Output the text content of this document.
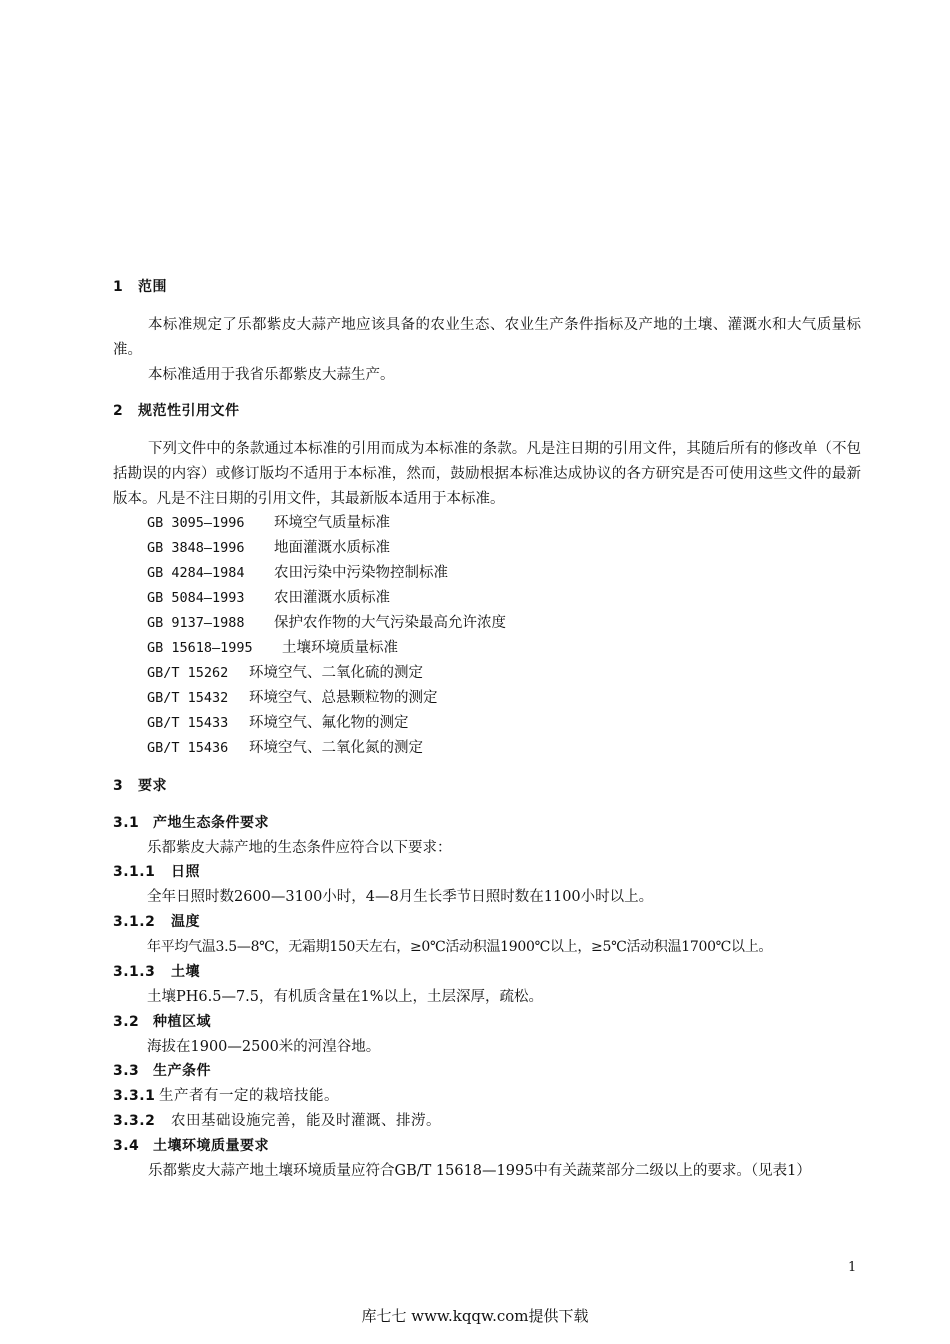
1 范围
本标准规定了乐都紫皮大蒜产地应该具备的农业生态、农业生产条件指标及产地的土壤、灌溉水和大气质量标准。
本标准适用于我省乐都紫皮大蒜生产。
2 规范性引用文件
下列文件中的条款通过本标准的引用而成为本标准的条款。凡是注日期的引用文件，其随后所有的修改单（不包括勘误的内容）或修订版均不适用于本标准，然而，鼓励根据本标准达成协议的各方研究是否可使用这些文件的最新版本。凡是不注日期的引用文件，其最新版本适用于本标准。
GB 3095—1996 环境空气质量标准
GB 3848—1996 地面灌溉水质标准
GB 4284—1984 农田污染中污染物控制标准
GB 5084—1993 农田灌溉水质标准
GB 9137—1988 保护农作物的大气污染最高允许浓度
GB 15618—1995 土壤环境质量标准
GB/T 15262 环境空气、二氧化硫的测定
GB/T 15432 环境空气、总悬颗粒物的测定
GB/T 15433 环境空气、氟化物的测定
GB/T 15436 环境空气、二氧化氮的测定
3 要求
3.1 产地生态条件要求
乐都紫皮大蒜产地的生态条件应符合以下要求：
3.1.1 日照
全年日照时数2600—3100小时，4—8月生长季节日照时数在1100小时以上。
3.1.2 温度
年平均气温3.5—8℃，无霜期150天左右，≥0℃活动积温1900℃以上，≥5℃活动积温1700℃以上。
3.1.3 土壤
土壤PH6.5—7.5，有机质含量在1%以上，土层深厚，疏松。
3.2 种植区域
海拔在1900—2500米的河湟谷地。
3.3 生产条件
3.3.1 生产者有一定的栽培技能。
3.3.2 农田基础设施完善，能及时灌溉、排涝。
3.4 土壤环境质量要求
乐都紫皮大蒜产地土壤环境质量应符合GB/T 15618—1995中有关蔬菜部分二级以上的要求。（见表1）
1
库七七 www.kqqw.com提供下载
